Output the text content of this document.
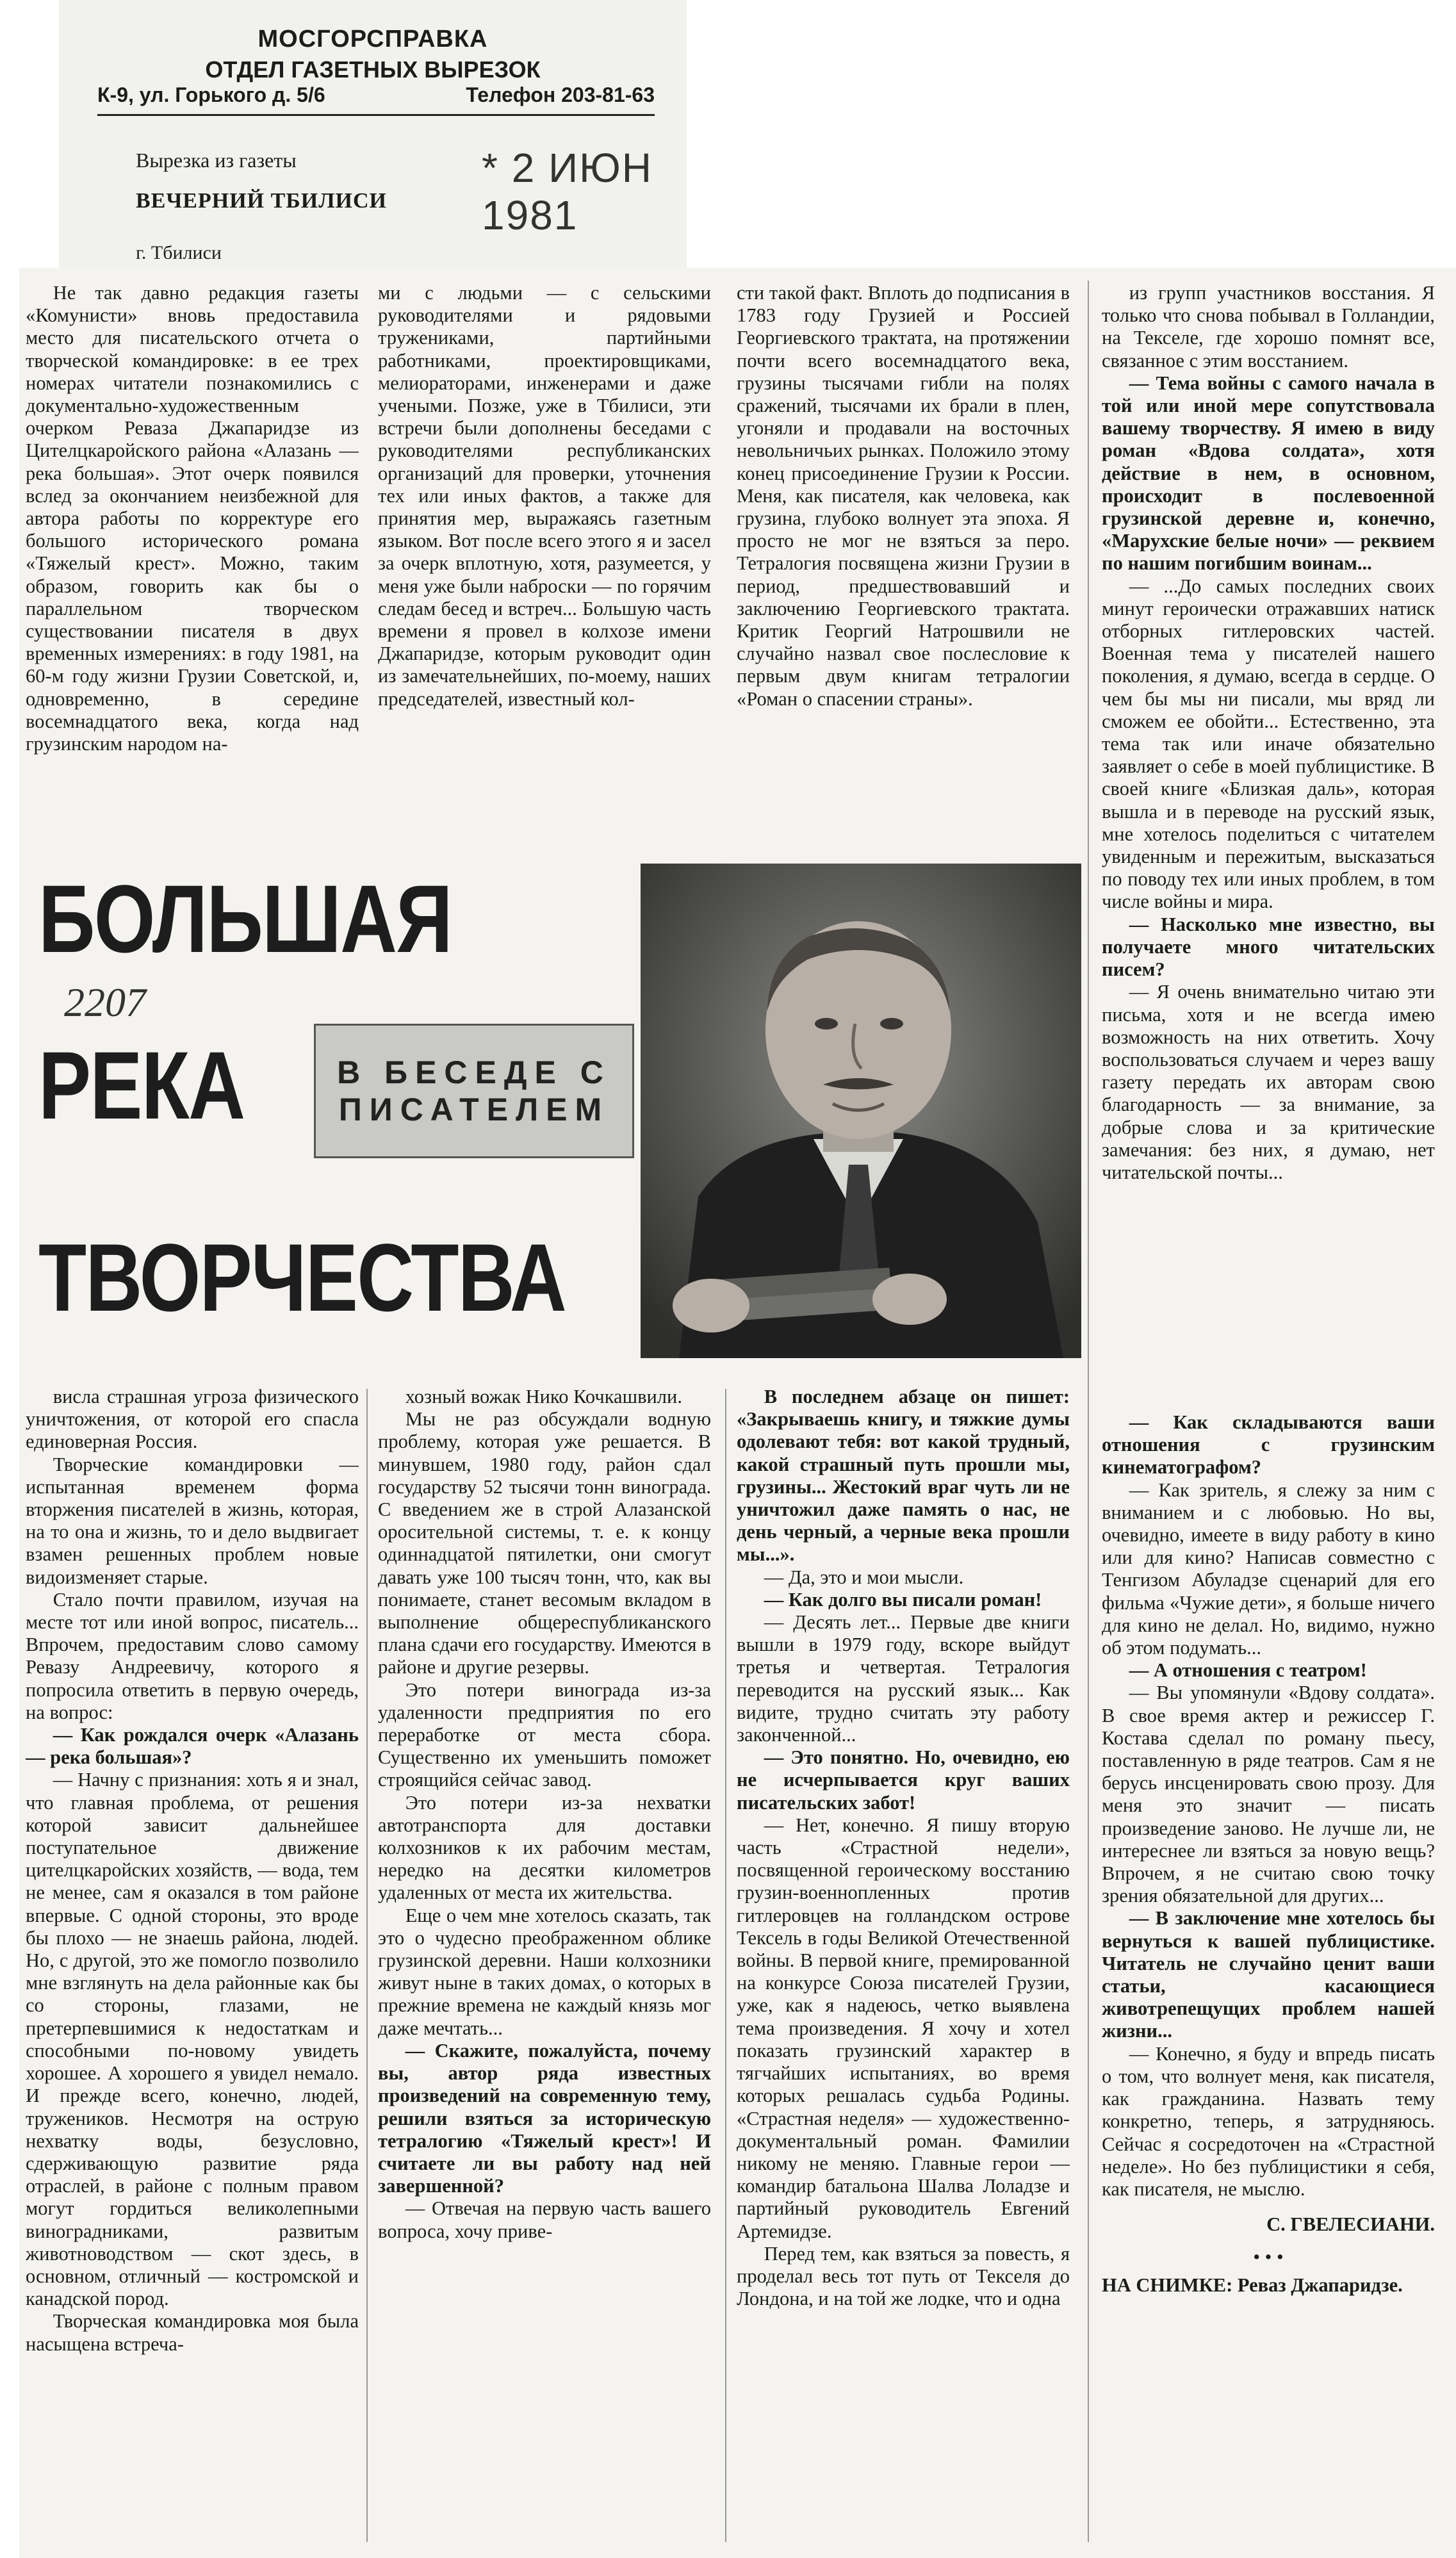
МОСГОРСПРАВКА
ОТДЕЛ ГАЗЕТНЫХ ВЫРЕЗОК
К-9, ул. Горького д. 5/6	Телефон 203-81-63
Вырезка из газеты
ВЕЧЕРНИЙ ТБИЛИСИ
г. Тбилиси
* 2 ИЮН 1981

Не так давно редакция газеты «Комунисти» вновь предоставила место для писательского отчета о творческой командировке: в ее трех номерах читатели познакомились с документально-художественным очерком Реваза Джапаридзе из Цителцкаройского района «Алазань — река большая». Этот очерк появился вслед за окончанием неизбежной для автора работы по корректуре его большого исторического романа «Тяжелый крест». Можно, таким образом, говорить как бы о параллельном творческом существовании писателя в двух временных измерениях: в году 1981, на 60-м году жизни Грузии Советской, и, одновременно, в середине восемнадцатого века, когда над грузинским народом на-

ми с людьми — с сельскими руководителями и рядовыми тружениками, партийными работниками, проектировщиками, мелиораторами, инженерами и даже учеными. Позже, уже в Тбилиси, эти встречи были дополнены беседами с руководителями республиканских организаций для проверки, уточнения тех или иных фактов, а также для принятия мер, выражаясь газетным языком. Вот после всего этого я и засел за очерк вплотную, хотя, разумеется, у меня уже были наброски — по горячим следам бесед и встреч... Большую часть времени я провел в колхозе имени Джапаридзе, которым руководит один из замечательнейших, по-моему, наших председателей, известный кол-

сти такой факт. Вплоть до подписания в 1783 году Грузией и Россией Георгиевского трактата, на протяжении почти всего восемнадцатого века, грузины тысячами гибли на полях сражений, тысячами их брали в плен, угоняли и продавали на восточных невольничьих рынках. Положило этому конец присоединение Грузии к России. Меня, как писателя, как человека, как грузина, глубоко волнует эта эпоха. Я просто не мог не взяться за перо. Тетралогия посвящена жизни Грузии в период, предшествовавший и заключению Георгиевского трактата. Критик Георгий Натрошвили не случайно назвал свое послесловие к первым двум книгам тетралогии «Роман о спасении страны».

из групп участников восстания. Я только что снова побывал в Голландии, на Текселе, где хорошо помнят все, связанное с этим восстанием.

— Тема войны с самого начала в той или иной мере сопутствовала вашему творчеству. Я имею в виду роман «Вдова солдата», хотя действие в нем, в основном, происходит в послевоенной грузинской деревне и, конечно, «Марухские белые ночи» — реквием по нашим погибшим воинам...

— ...До самых последних своих минут героически отражавших натиск отборных гитлеровских частей. Военная тема у писателей нашего поколения, я думаю, всегда в сердце. О чем бы мы ни писали, мы вряд ли сможем ее обойти... Естественно, эта тема так или иначе обязательно заявляет о себе в моей публицистике. В своей книге «Близкая даль», которая вышла и в переводе на русский язык, мне хотелось поделиться с читателем увиденным и пережитым, высказаться по поводу тех или иных проблем, в том числе войны и мира.

— Насколько мне известно, вы получаете много читательских писем?

— Я очень внимательно читаю эти письма, хотя и не всегда имею возможность на них ответить. Хочу воспользоваться случаем и через вашу газету передать их авторам свою благодарность — за внимание, за добрые слова и за критические замечания: без них, я думаю, нет читательской почты...

БОЛЬШАЯ
2207
РЕКА	В БЕСЕДЕ С
ПИСАТЕЛЕМ
ТВОРЧЕСТВА

висла страшная угроза физического уничтожения, от которой его спасла единоверная Россия.

Творческие командировки — испытанная временем форма вторжения писателей в жизнь, которая, на то она и жизнь, то и дело выдвигает взамен решенных проблем новые видоизменяет старые.

Стало почти правилом, изучая на месте тот или иной вопрос, писатель... Впрочем, предоставим слово самому Ревазу Андреевичу, которого я попросила ответить в первую очередь, на вопрос:

— Как рождался очерк «Алазань — река большая»?

— Начну с признания: хоть я и знал, что главная проблема, от решения которой зависит дальнейшее поступательное движение цителцкаройских хозяйств, — вода, тем не менее, сам я оказался в том районе впервые. С одной стороны, это вроде бы плохо — не знаешь района, людей. Но, с другой, это же помогло позволило мне взглянуть на дела районные как бы со стороны, глазами, не претерпевшимися к недостаткам и способными по-новому увидеть хорошее. А хорошего я увидел немало. И прежде всего, конечно, людей, тружеников. Несмотря на острую нехватку воды, безусловно, сдерживающую развитие ряда отраслей, в районе с полным правом могут гордиться великолепными виноградниками, развитым животноводством — скот здесь, в основном, отличный — костромской и канадской пород.

Творческая командировка моя была насыщена встреча-

хозный вожак Нико Кочкашвили.

Мы не раз обсуждали водную проблему, которая уже решается. В минувшем, 1980 году, район сдал государству 52 тысячи тонн винограда. С введением же в строй Алазанской оросительной системы, т. е. к концу одиннадцатой пятилетки, они смогут давать уже 100 тысяч тонн, что, как вы понимаете, станет весомым вкладом в выполнение общереспубликанского плана сдачи его государству. Имеются в районе и другие резервы.

Это потери винограда из-за удаленности предприятия по его переработке от места сбора. Существенно их уменьшить поможет строящийся сейчас завод.

Это потери из-за нехватки автотранспорта для доставки колхозников к их рабочим местам, нередко на десятки километров удаленных от места их жительства.

Еще о чем мне хотелось сказать, так это о чудесно преображенном облике грузинской деревни. Наши колхозники живут ныне в таких домах, о которых в прежние времена не каждый князь мог даже мечтать...

— Скажите, пожалуйста, почему вы, автор ряда известных произведений на современную тему, решили взяться за историческую тетралогию «Тяжелый крест»! И считаете ли вы работу над ней завершенной?

— Отвечая на первую часть вашего вопроса, хочу приве-

В последнем абзаце он пишет: «Закрываешь книгу, и тяжкие думы одолевают тебя: вот какой трудный, какой страшный путь прошли мы, грузины... Жестокий враг чуть ли не уничтожил даже память о нас, не день черный, а черные века прошли мы...».

— Да, это и мои мысли.

— Как долго вы писали роман!

— Десять лет... Первые две книги вышли в 1979 году, вскоре выйдут третья и четвертая. Тетралогия переводится на русский язык... Как видите, трудно считать эту работу законченной...

— Это понятно. Но, очевидно, ею не исчерпывается круг ваших писательских забот!

— Нет, конечно. Я пишу вторую часть «Страстной недели», посвященной героическому восстанию грузин-военнопленных против гитлеровцев на голландском острове Тексель в годы Великой Отечественной войны. В первой книге, премированной на конкурсе Союза писателей Грузии, уже, как я надеюсь, четко выявлена тема произведения. Я хочу и хотел показать грузинский характер в тягчайших испытаниях, во время которых решалась судьба Родины. «Страстная неделя» — художественно-документальный роман. Фамилии никому не меняю. Главные герои — командир батальона Шалва Лоладзе и партийный руководитель Евгений Артемидзе.

Перед тем, как взяться за повесть, я проделал весь тот путь от Текселя до Лондона, и на той же лодке, что и одна

— Как складываются ваши отношения с грузинским кинематографом?

— Как зритель, я слежу за ним с вниманием и с любовью. Но вы, очевидно, имеете в виду работу в кино или для кино? Написав совместно с Тенгизом Абуладзе сценарий для его фильма «Чужие дети», я больше ничего для кино не делал. Но, видимо, нужно об этом подумать...

— А отношения с театром!

— Вы упомянули «Вдову солдата». В свое время актер и режиссер Г. Костава сделал по роману пьесу, поставленную в ряде театров. Сам я не берусь инсценировать свою прозу. Для меня это значит — писать произведение заново. Не лучше ли, не интереснее ли взяться за новую вещь? Впрочем, я не считаю свою точку зрения обязательной для других...

— В заключение мне хотелось бы вернуться к вашей публицистике. Читатель не случайно ценит ваши статьи, касающиеся животрепещущих проблем нашей жизни...

— Конечно, я буду и впредь писать о том, что волнует меня, как писателя, как гражданина. Назвать тему конкретно, теперь, я затрудняюсь. Сейчас я сосредоточен на «Страстной неделе». Но без публицистики я себя, как писателя, не мыслю.

С. ГВЕЛЕСИАНИ.
• • •
НА СНИМКЕ: Реваз Джапаридзе.
